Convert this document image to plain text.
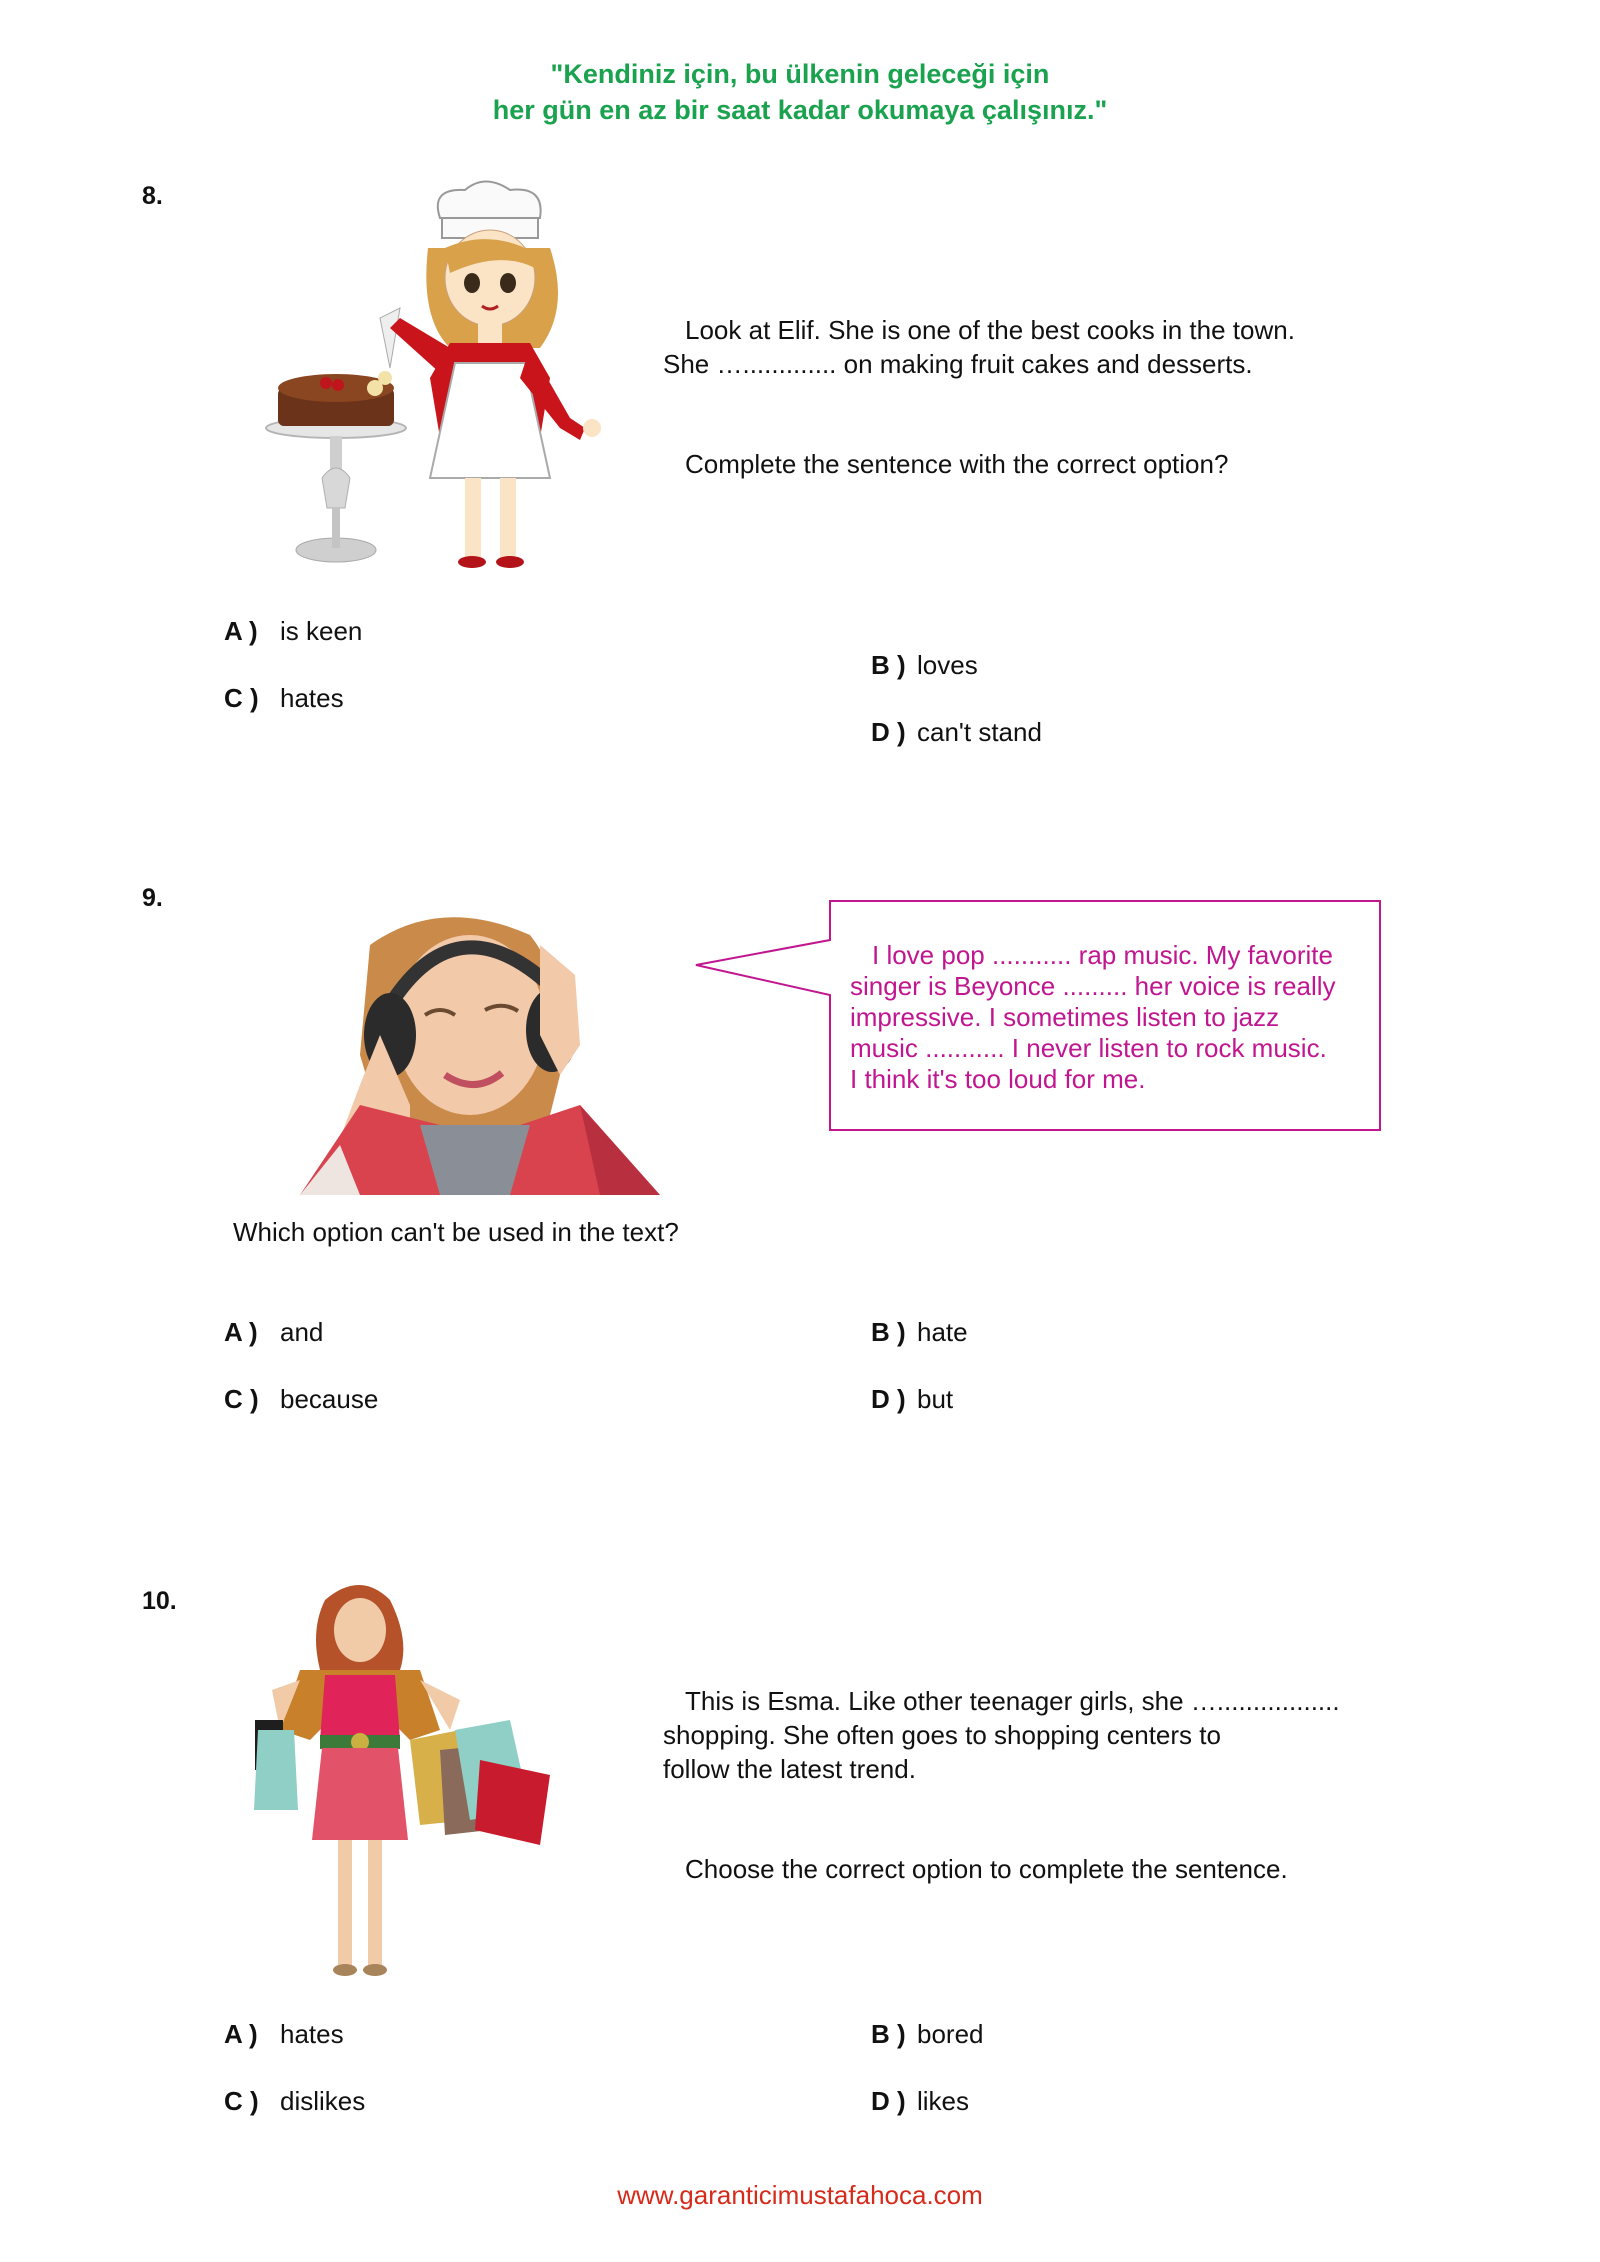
"Kendiniz için, bu ülkenin geleceği için
her gün en az bir saat kadar okumaya çalışınız."
8.
Look at Elif. She is one of the best cooks in the town.
She …............. on making fruit cakes and desserts.
Complete the sentence with the correct option?
A ) is keen
B ) loves
C ) hates
D ) can't stand
9.
I love pop ........... rap music. My favorite
singer is Beyonce ......... her voice is really
impressive. I sometimes listen to jazz
music ........... I never listen to rock music.
I think it's too loud for me.
Which option can't be used in the text?
A ) and	B ) hate
C ) because	D ) but
10.
This is Esma. Like other teenager girls, she ….................
shopping. She often goes to shopping centers to
follow the latest trend.
Choose the correct option to complete the sentence.
A ) hates	B ) bored
C ) dislikes	D ) likes
www.garanticimustafahoca.com
